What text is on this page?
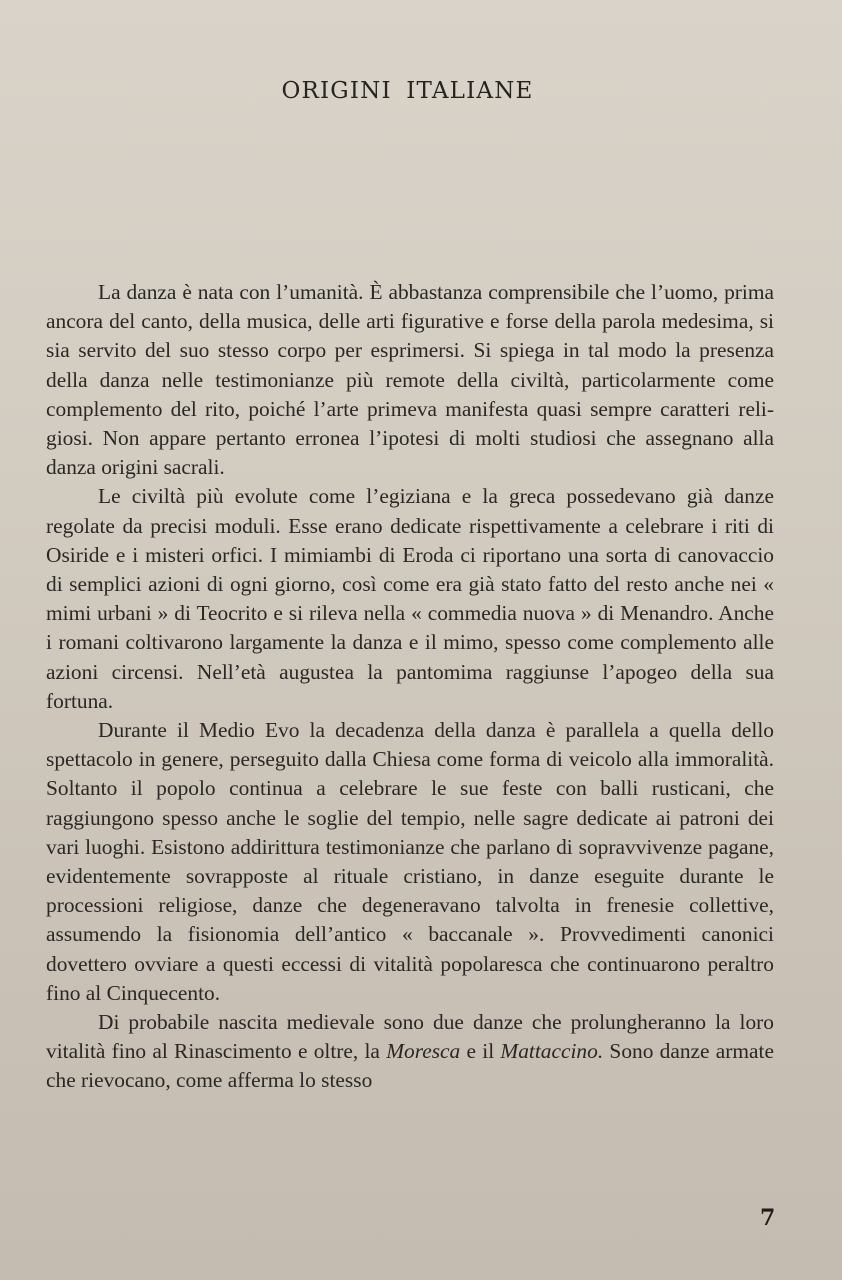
ORIGINI ITALIANE

La danza è nata con l’umanità. È abbastanza comprensibile che l’uomo, prima ancora del canto, della musica, delle arti figurative e forse della parola medesima, si sia servito del suo stesso corpo per esprimersi. Si spiega in tal modo la presenza della danza nelle testimonianze più remote della civiltà, particolarmente come complemento del rito, poiché l’arte primeva manifesta quasi sempre caratteri religiosi. Non appare pertanto erronea l’ipotesi di molti studiosi che assegnano alla danza origini sacrali.

Le civiltà più evolute come l’egiziana e la greca possedevano già danze regolate da precisi moduli. Esse erano dedicate rispettivamente a celebrare i riti di Osiride e i misteri orfici. I mimiambi di Eroda ci riportano una sorta di canovaccio di semplici azioni di ogni giorno, così come era già stato fatto del resto anche nei « mimi urbani » di Teocrito e si rileva nella « commedia nuova » di Menandro. Anche i romani coltivarono largamente la danza e il mimo, spesso come complemento alle azioni circensi. Nell’età augustea la pantomima raggiunse l’apogeo della sua fortuna.

Durante il Medio Evo la decadenza della danza è parallela a quella dello spettacolo in genere, perseguito dalla Chiesa come forma di veicolo alla immoralità. Soltanto il popolo continua a celebrare le sue feste con balli rusticani, che raggiungono spesso anche le soglie del tempio, nelle sagre dedicate ai patroni dei vari luoghi. Esistono addirittura testimonianze che parlano di sopravvivenze pagane, evidentemente sovrapposte al rituale cristiano, in danze eseguite durante le processioni religiose, danze che degeneravano talvolta in frenesie collettive, assumendo la fisionomia dell’antico « baccanale ». Provvedimenti canonici dovettero ovviare a questi eccessi di vitalità popolaresca che continuarono peraltro fino al Cinquecento.

Di probabile nascita medievale sono due danze che prolungheranno la loro vitalità fino al Rinascimento e oltre, la Moresca e il Mattaccino. Sono danze armate che rievocano, come afferma lo stesso

7
